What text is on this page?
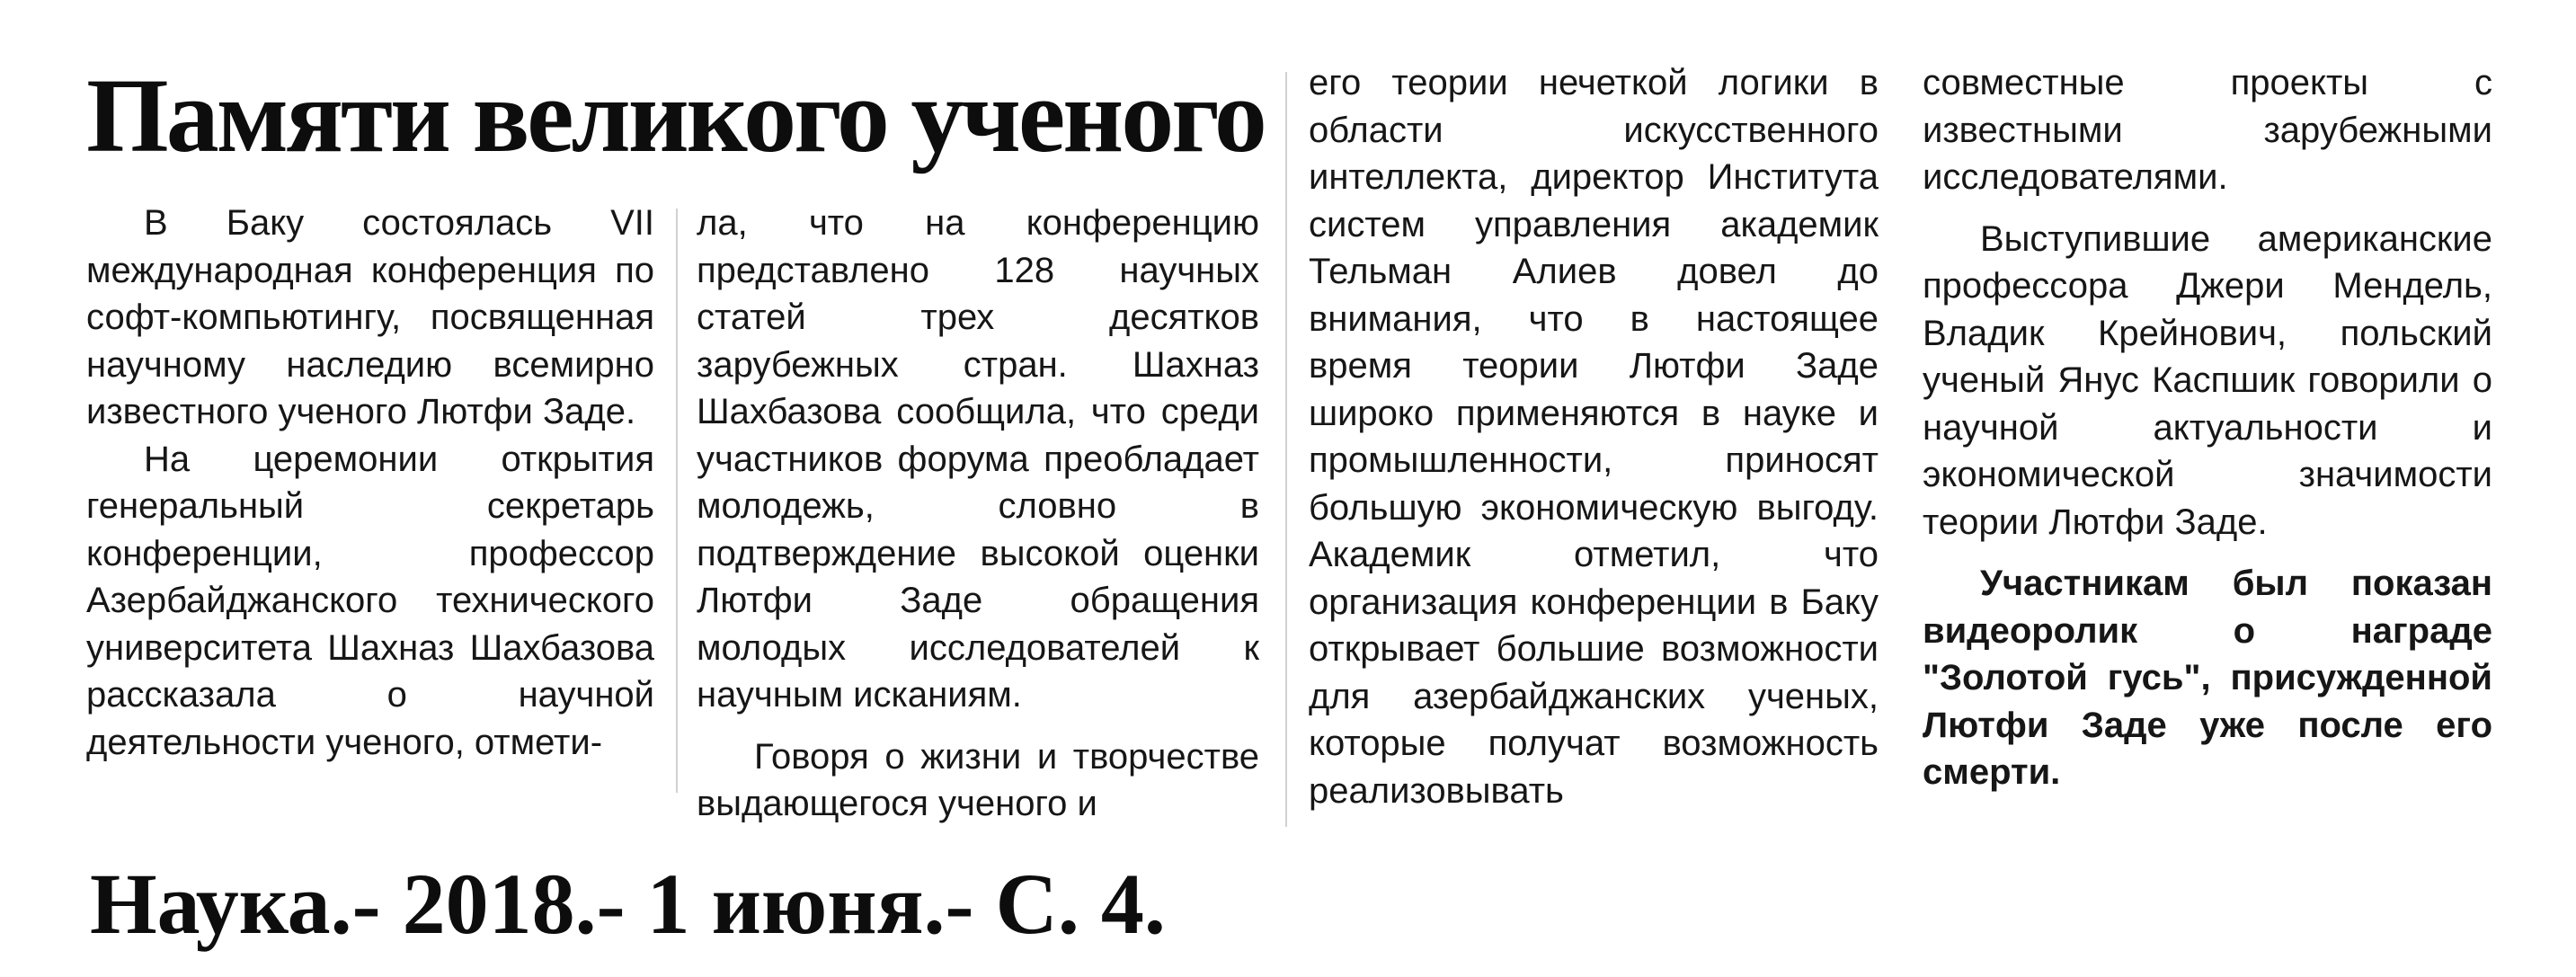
Памяти великого ученого

В Баку состоялась VII международная конференция по софт-компьютингу, посвященная научному наследию всемирно известного ученого Лютфи Заде.

На церемонии открытия генеральный секретарь конференции, профессор Азербайджанского технического университета Шахназ Шахбазова рассказала о научной деятельности ученого, отмети-

ла, что на конференцию представлено 128 научных статей трех десятков зарубежных стран. Шахназ Шахбазова сообщила, что среди участников форума преобладает молодежь, словно в подтверждение высокой оценки Лютфи Заде обращения молодых исследователей к научным исканиям.

Говоря о жизни и творчестве выдающегося ученого и

его теории нечеткой логики в области искусственного интеллекта, директор Института систем управления академик Тельман Алиев довел до внимания, что в настоящее время теории Лютфи Заде широко применяются в науке и промышленности, приносят большую экономическую выгоду. Академик отметил, что организация конференции в Баку открывает большие возможности для азербайджанских ученых, которые получат возможность реализовывать

совместные проекты с известными зарубежными исследователями.

Выступившие американские профессора Джери Мендель, Владик Крейнович, польский ученый Янус Каспшик говорили о научной актуальности и экономической значимости теории Лютфи Заде.

Участникам был показан видеоролик о награде "Золотой гусь", присужденной Лютфи Заде уже после его смерти.

Наука.- 2018.- 1 июня.- С. 4.
